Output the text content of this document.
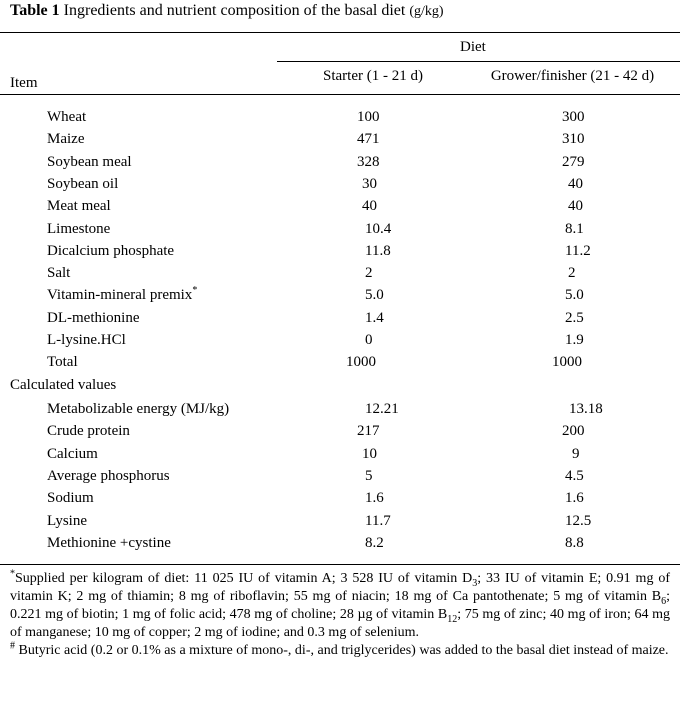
Table 1 Ingredients and nutrient composition of the basal diet (g/kg)
Diet
Starter (1 - 21 d)	Grower/finisher (21 - 42 d)
Item
Wheat	100	300
Maize	471	310
Soybean meal	328	279
Soybean oil	30	40
Meat meal	40	40
Limestone	10.4	8.1
Dicalcium phosphate	11.8	11.2
Salt	2	2
Vitamin-mineral premix*	5.0	5.0
DL-methionine	1.4	2.5
L-lysine.HCl	0	1.9
Total	1000	1000
Calculated values
Metabolizable energy (MJ/kg)	12.21	13.18
Crude protein	217	200
Calcium	10	9
Average phosphorus	5	4.5
Sodium	1.6	1.6
Lysine	11.7	12.5
Methionine +cystine	8.2	8.8

*Supplied per kilogram of diet: 11 025 IU of vitamin A; 3 528 IU of vitamin $D_3$; 33 IU of vitamin E; 0.91 mg of vitamin K; 2 mg of thiamin; 8 mg of riboflavin; 55 mg of niacin; 18 mg of Ca pantothenate; 5 mg of vitamin $B_6$; 0.221 mg of biotin; 1 mg of folic acid; 478 mg of choline; 28 µg of vitamin $B_{12}$; 75 mg of zinc; 40 mg of iron; 64 mg of manganese; 10 mg of copper; 2 mg of iodine; and 0.3 mg of selenium.

# Butyric acid (0.2 or 0.1% as a mixture of mono-, di-, and triglycerides) was added to the basal diet instead of maize.
